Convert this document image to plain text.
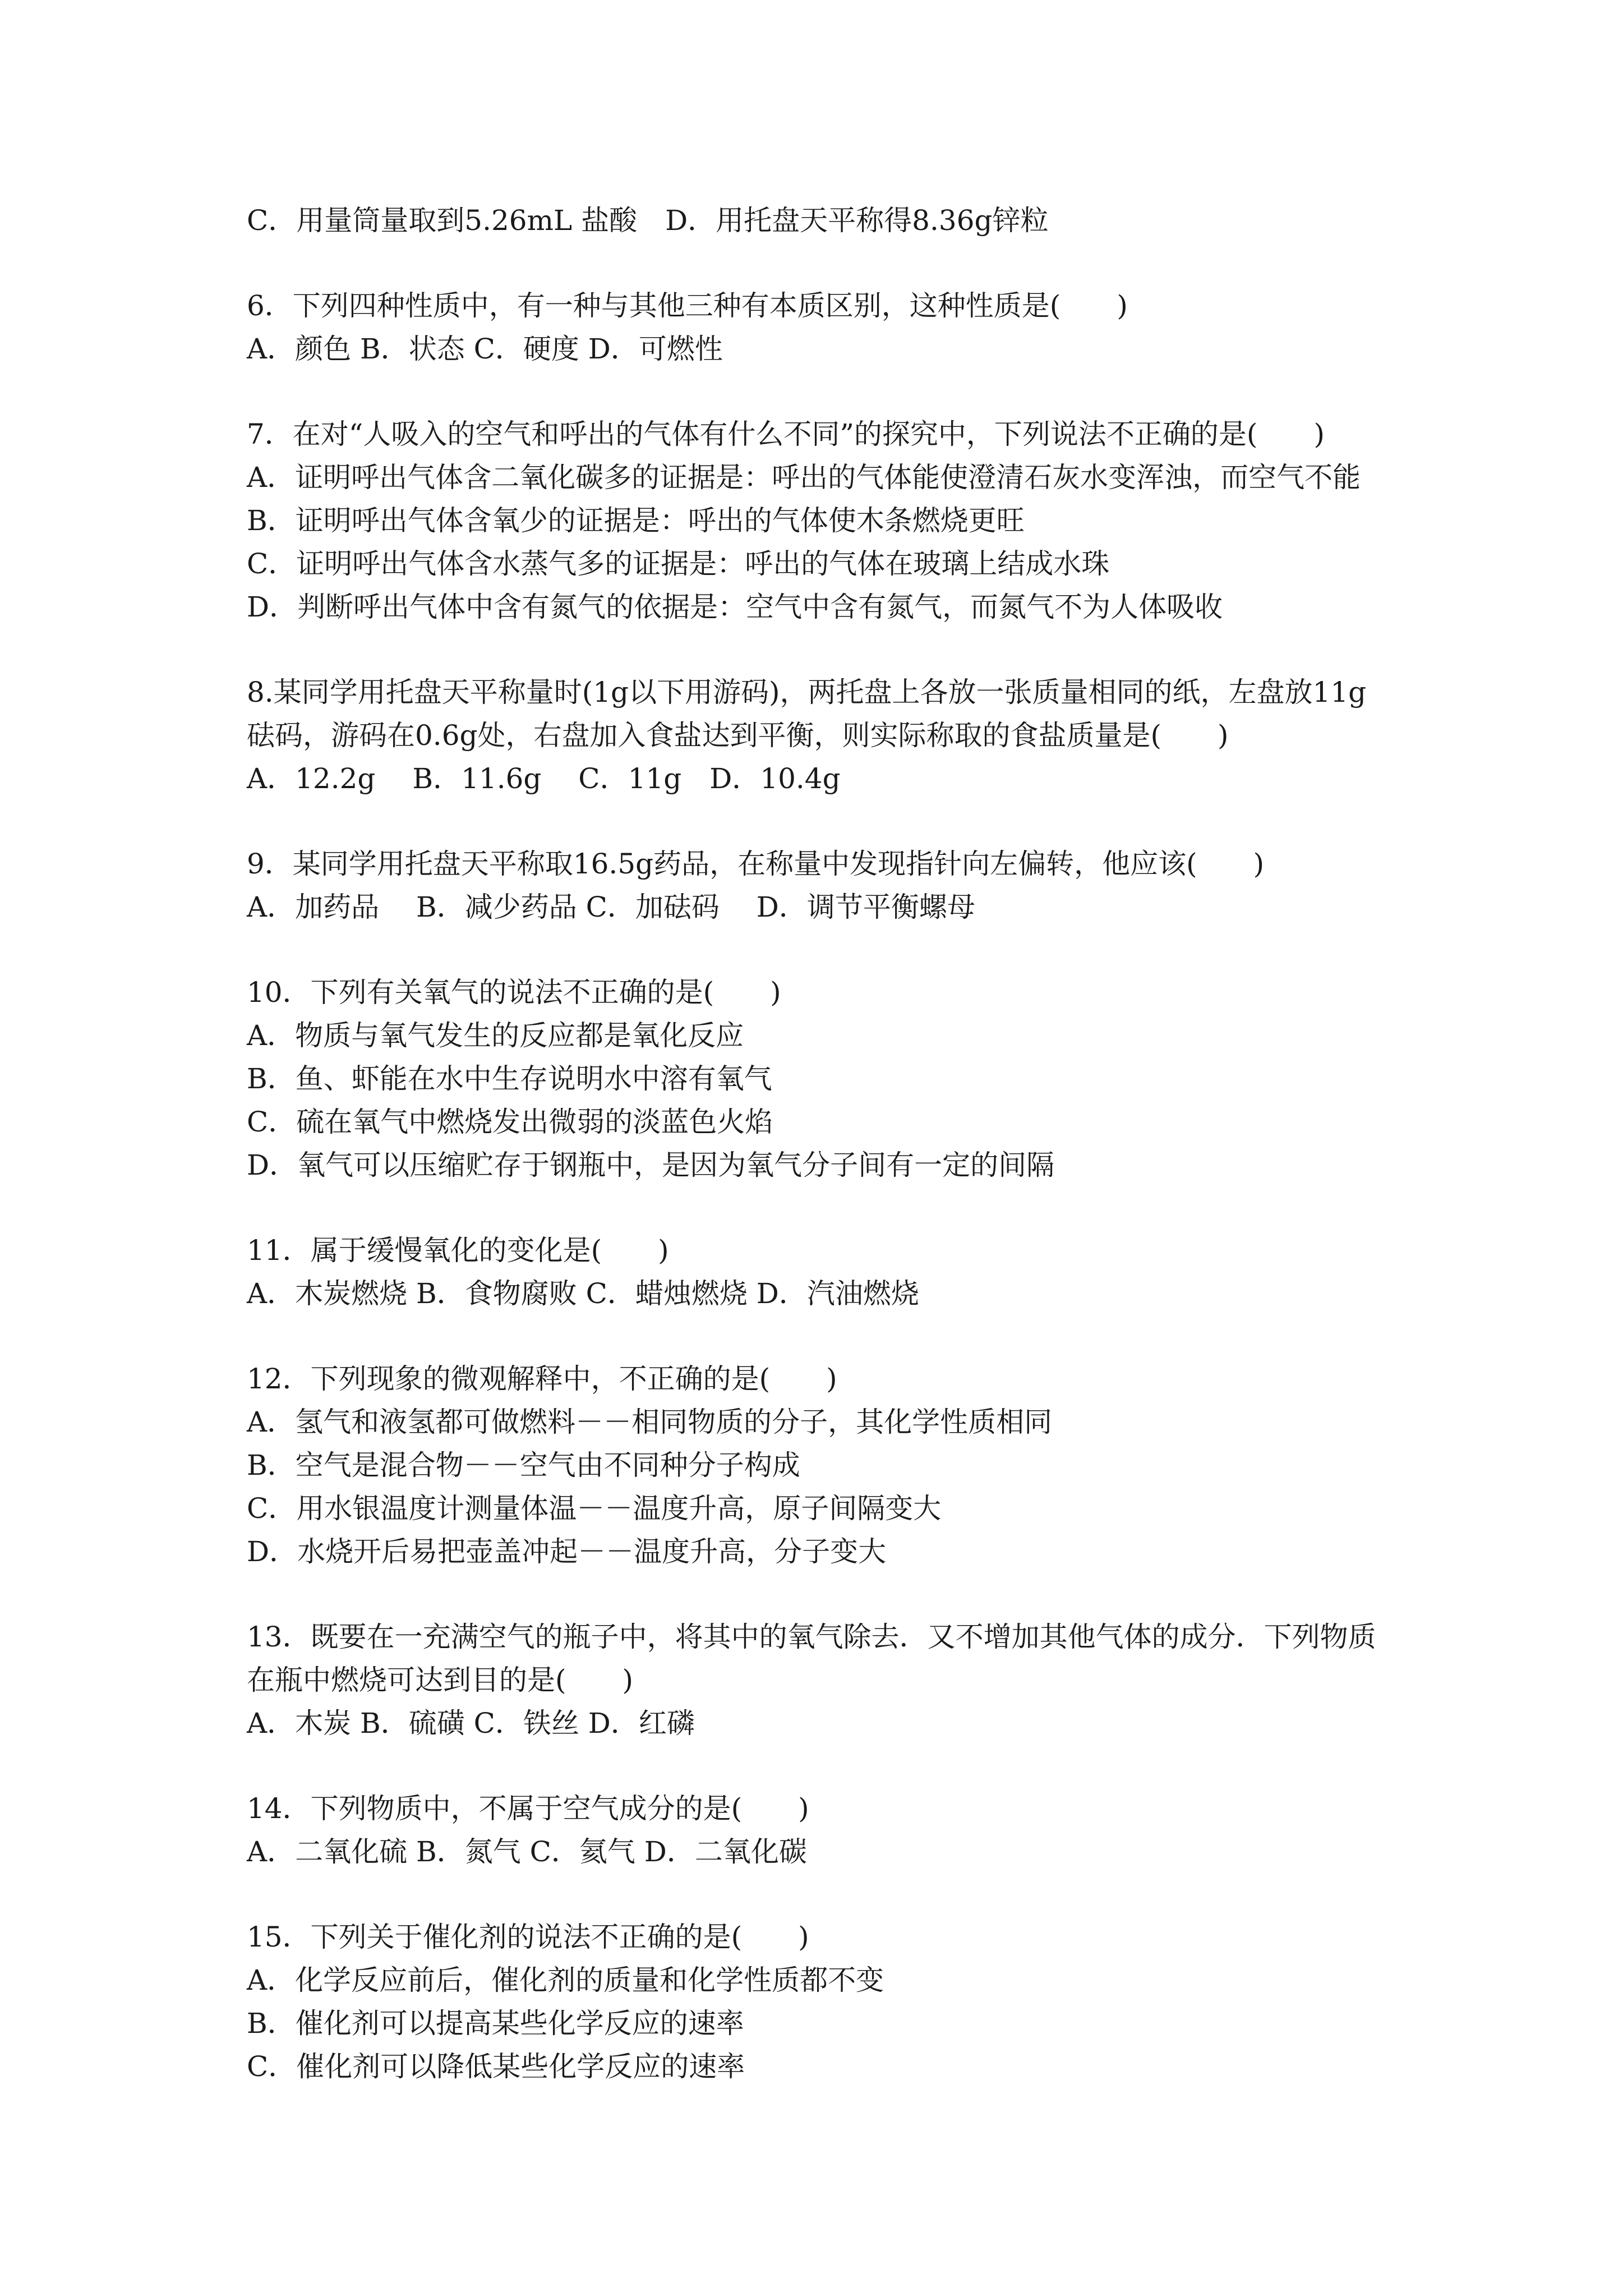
C．用量筒量取到5.26mL 盐酸　D．用托盘天平称得8.36g锌粒
6．下列四种性质中，有一种与其他三种有本质区别，这种性质是(　　)
A．颜色 B．状态 C．硬度 D．可燃性
7．在对“人吸入的空气和呼出的气体有什么不同”的探究中，下列说法不正确的是(　　)
A．证明呼出气体含二氧化碳多的证据是：呼出的气体能使澄清石灰水变浑浊，而空气不能
B．证明呼出气体含氧少的证据是：呼出的气体使木条燃烧更旺
C．证明呼出气体含水蒸气多的证据是：呼出的气体在玻璃上结成水珠
D．判断呼出气体中含有氮气的依据是：空气中含有氮气，而氮气不为人体吸收
8.某同学用托盘天平称量时(1g以下用游码)，两托盘上各放一张质量相同的纸，左盘放11g
砝码，游码在0.6g处，右盘加入食盐达到平衡，则实际称取的食盐质量是(　　)
A．12.2g　 B．11.6g　 C．11g　D．10.4g
9．某同学用托盘天平称取16.5g药品，在称量中发现指针向左偏转，他应该(　　)
A．加药品　 B．减少药品 C．加砝码　 D．调节平衡螺母
10．下列有关氧气的说法不正确的是(　　)
A．物质与氧气发生的反应都是氧化反应
B．鱼、虾能在水中生存说明水中溶有氧气
C．硫在氧气中燃烧发出微弱的淡蓝色火焰
D．氧气可以压缩贮存于钢瓶中，是因为氧气分子间有一定的间隔
11．属于缓慢氧化的变化是(　　)
A．木炭燃烧 B．食物腐败 C．蜡烛燃烧 D．汽油燃烧
12．下列现象的微观解释中，不正确的是(　　)
A．氢气和液氢都可做燃料－－相同物质的分子，其化学性质相同
B．空气是混合物－－空气由不同种分子构成
C．用水银温度计测量体温－－温度升高，原子间隔变大
D．水烧开后易把壶盖冲起－－温度升高，分子变大
13．既要在一充满空气的瓶子中，将其中的氧气除去．又不增加其他气体的成分．下列物质
在瓶中燃烧可达到目的是(　　)
A．木炭 B．硫磺 C．铁丝 D．红磷
14．下列物质中，不属于空气成分的是(　　)
A．二氧化硫 B．氮气 C．氦气 D．二氧化碳
15．下列关于催化剂的说法不正确的是(　　)
A．化学反应前后，催化剂的质量和化学性质都不变
B．催化剂可以提高某些化学反应的速率
C．催化剂可以降低某些化学反应的速率
